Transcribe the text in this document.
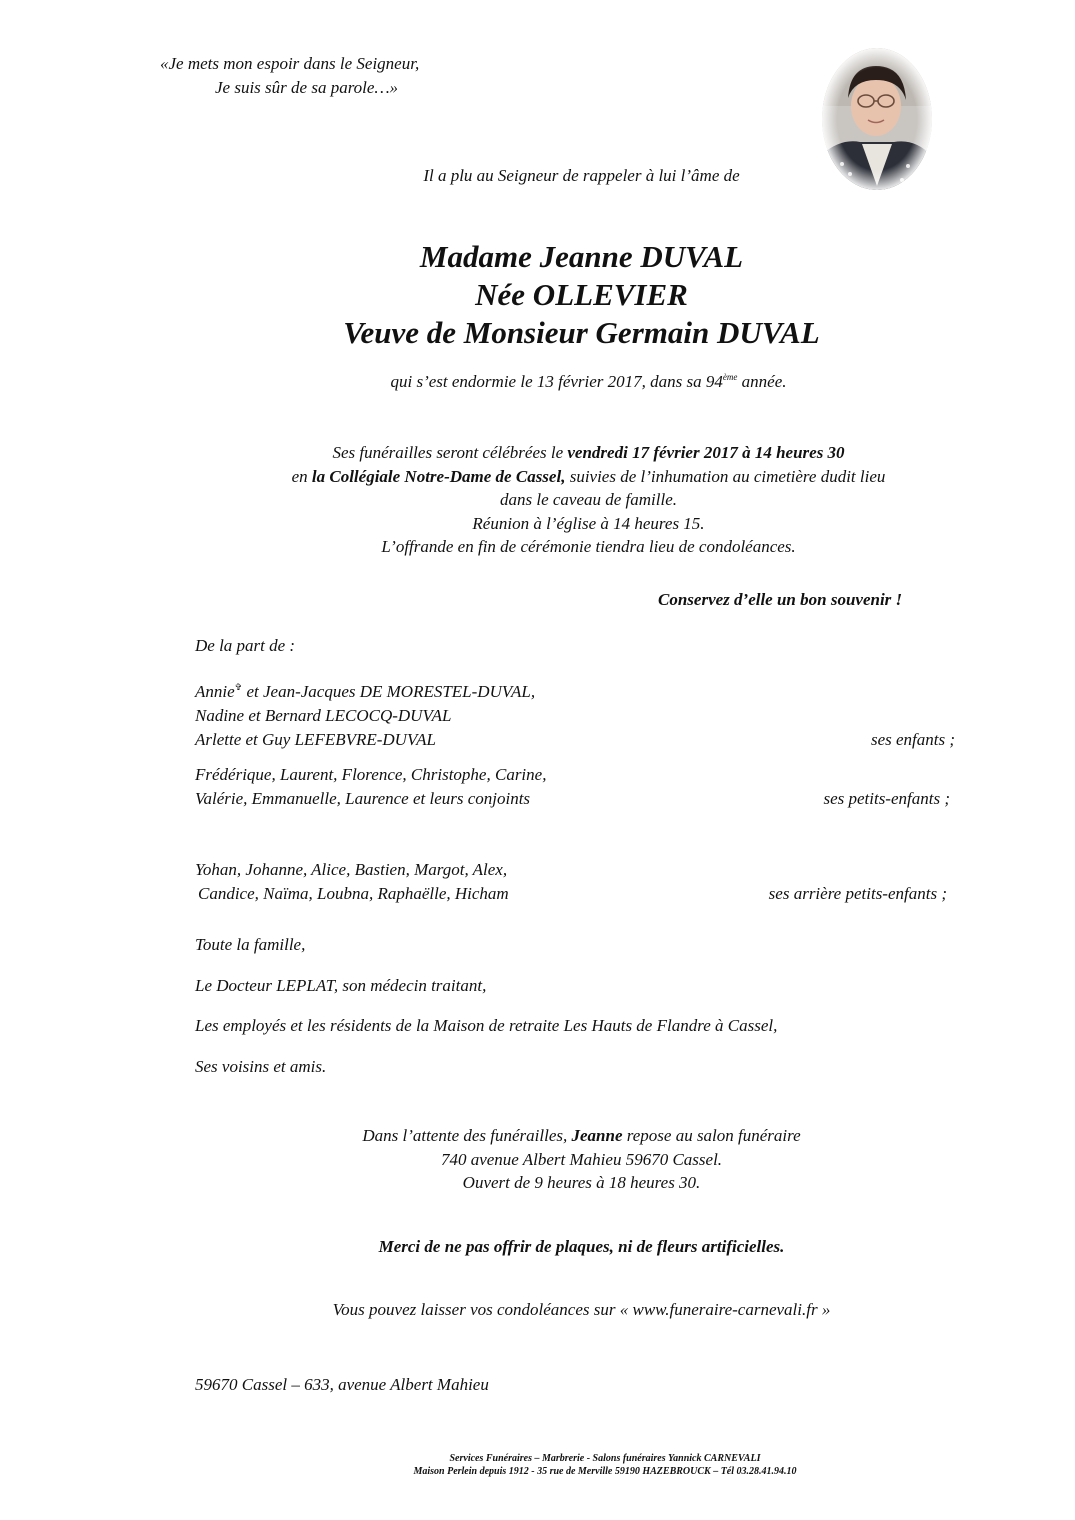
«Je mets mon espoir dans le Seigneur,
Je suis sûr de sa parole…»
Il a plu au Seigneur de rappeler à lui l’âme de
Madame Jeanne DUVAL
Née OLLEVIER
Veuve de Monsieur Germain DUVAL
qui s’est endormie le 13 février 2017, dans sa 94ème année.
Ses funérailles seront célébrées le vendredi 17 février 2017 à 14 heures 30
en la Collégiale Notre-Dame de Cassel, suivies de l’inhumation au cimetière dudit lieu
dans le caveau de famille.
Réunion à l’église à 14 heures 15.
L’offrande en fin de cérémonie tiendra lieu de condoléances.
Conservez d’elle un bon souvenir !
De la part de :
Annie✞ et Jean-Jacques DE MORESTEL-DUVAL,
Nadine et Bernard LECOCQ-DUVAL
Arlette et Guy LEFEBVRE-DUVAL	ses enfants ;
Frédérique, Laurent, Florence, Christophe, Carine,
Valérie, Emmanuelle, Laurence et leurs conjoints	ses petits-enfants ;
Yohan, Johanne, Alice, Bastien, Margot, Alex,
Candice, Naïma, Loubna, Raphaëlle, Hicham	ses arrière petits-enfants ;
Toute la famille,
Le Docteur LEPLAT, son médecin traitant,
Les employés et les résidents de la Maison de retraite Les Hauts de Flandre à Cassel,
Ses voisins et amis.
Dans l’attente des funérailles, Jeanne repose au salon funéraire
740 avenue Albert Mahieu 59670 Cassel.
Ouvert de 9 heures à 18 heures 30.
Merci de ne pas offrir de plaques, ni de fleurs artificielles.
Vous pouvez laisser vos condoléances sur « www.funeraire-carnevali.fr »
59670 Cassel – 633, avenue Albert Mahieu
Services Funéraires – Marbrerie - Salons funéraires Yannick CARNEVALI
Maison Perlein depuis 1912 - 35 rue de Merville 59190 HAZEBROUCK – Tél 03.28.41.94.10
